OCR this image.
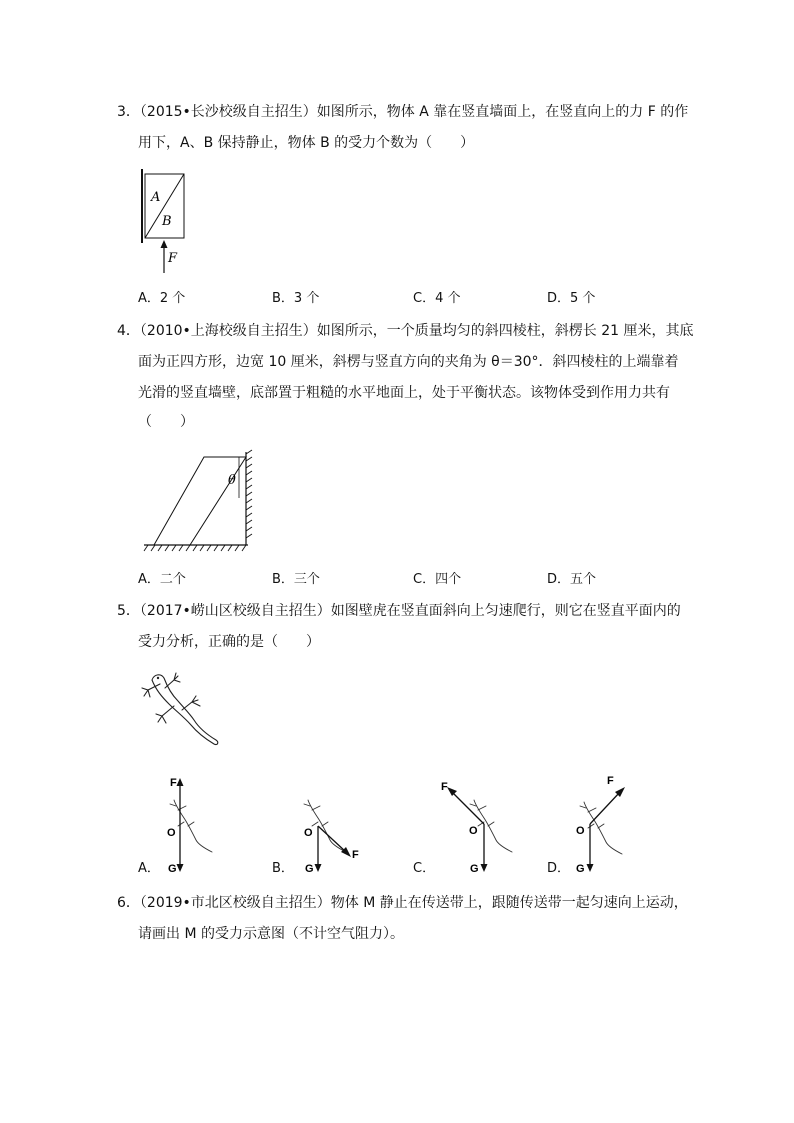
3．（2015•长沙校级自主招生）如图所示，物体 A 靠在竖直墙面上，在竖直向上的力 F 的作
用下，A、B 保持静止，物体 B 的受力个数为（　　）
A
B
F
A．2 个	B．3 个	C．4 个	D．5 个
4．（2010•上海校级自主招生）如图所示，一个质量均匀的斜四棱柱，斜楞长 21 厘米，其底
面为正四方形，边宽 10 厘米，斜楞与竖直方向的夹角为 θ＝30°．斜四棱柱的上端靠着
光滑的竖直墙壁，底部置于粗糙的水平地面上，处于平衡状态。该物体受到作用力共有
（　　）
θ
A．二个	B．三个	C．四个	D．五个
5．（2017•崂山区校级自主招生）如图壁虎在竖直面斜向上匀速爬行，则它在竖直平面内的
受力分析，正确的是（　　）
F
O
G
A．
O
F
G
B．
F
O
G
C．
F
O
G
D．
6．（2019•市北区校级自主招生）物体 M 静止在传送带上，跟随传送带一起匀速向上运动，
请画出 M 的受力示意图（不计空气阻力）。
